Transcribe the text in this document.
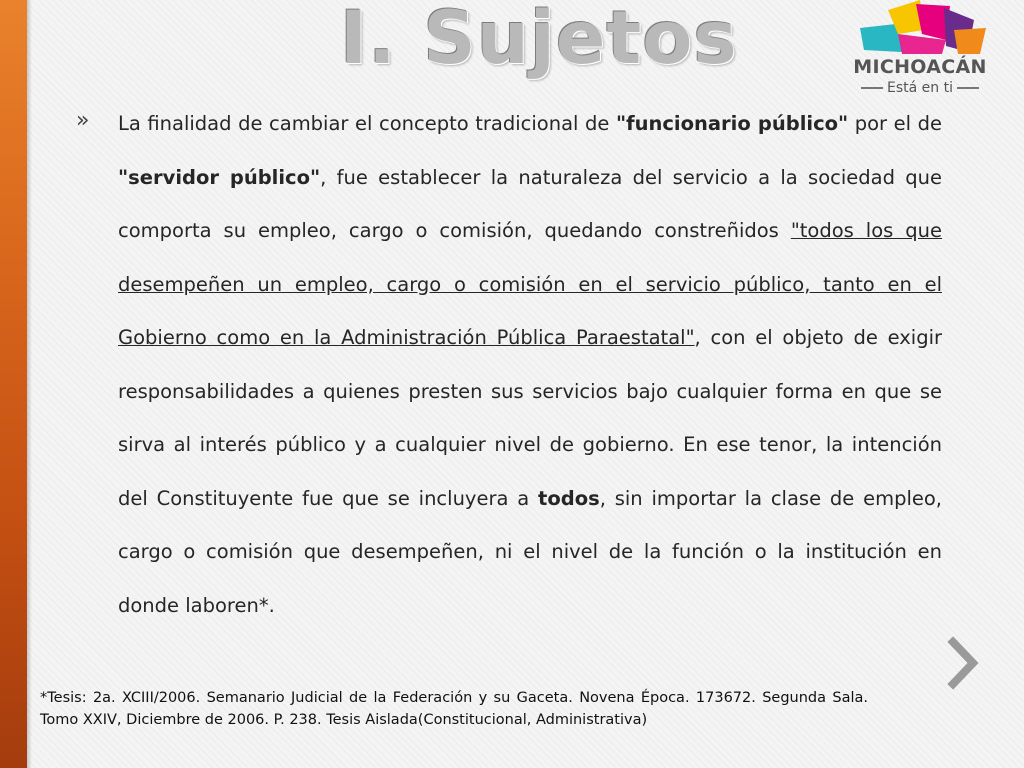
I. Sujetos	MICHOACÁN
Está en ti
» La finalidad de cambiar el concepto tradicional de "funcionario público" por el de "servidor público", fue establecer la naturaleza del servicio a la sociedad que comporta su empleo, cargo o comisión, quedando constreñidos "todos los que desempeñen un empleo, cargo o comisión en el servicio público, tanto en el Gobierno como en la Administración Pública Paraestatal", con el objeto de exigir responsabilidades a quienes presten sus servicios bajo cualquier forma en que se sirva al interés público y a cualquier nivel de gobierno. En ese tenor, la intención del Constituyente fue que se incluyera a todos, sin importar la clase de empleo, cargo o comisión que desempeñen, ni el nivel de la función o la institución en donde laboren*.

*Tesis: 2a. XCIII/2006. Semanario Judicial de la Federación y su Gaceta. Novena Época. 173672. Segunda Sala. Tomo XXIV, Diciembre de 2006. P. 238. Tesis Aislada(Constitucional, Administrativa)
